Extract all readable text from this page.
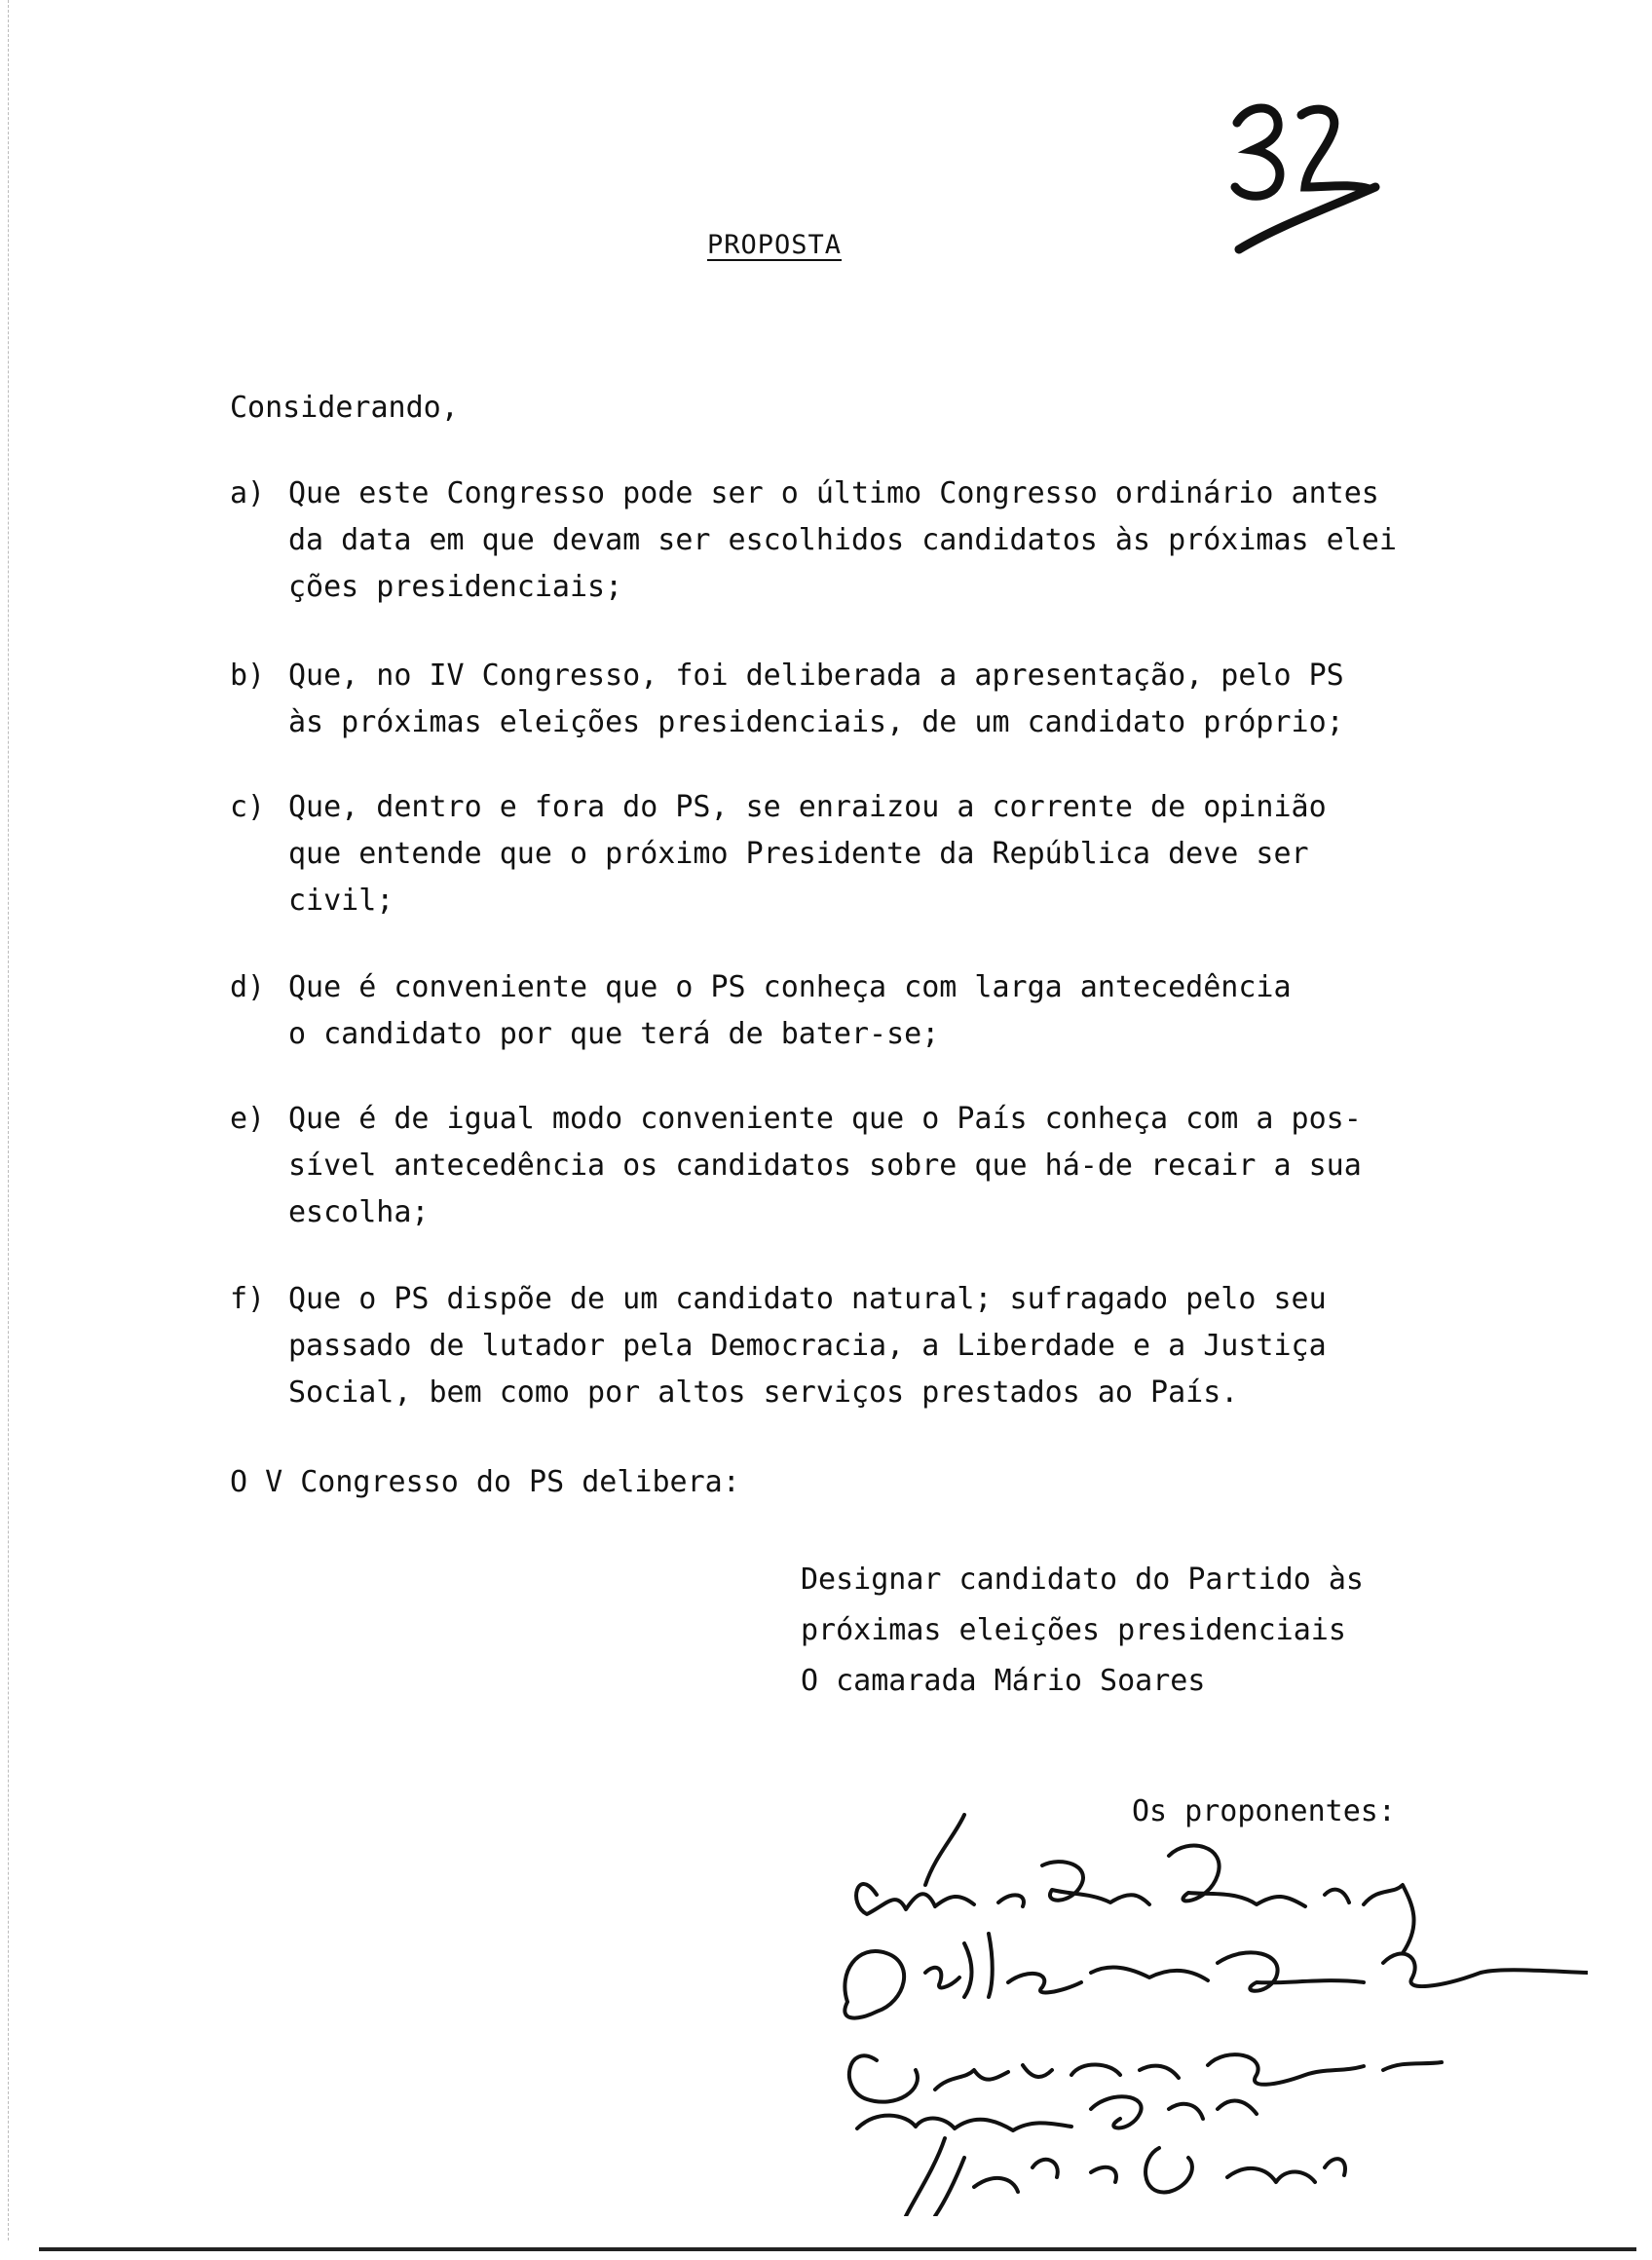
PROPOSTA
Considerando,
a) Que este Congresso pode ser o último Congresso ordinário antes
da data em que devam ser escolhidos candidatos às próximas elei
ções presidenciais;
b) Que, no IV Congresso, foi deliberada a apresentação, pelo PS
às próximas eleições presidenciais, de um candidato próprio;
c) Que, dentro e fora do PS, se enraizou a corrente de opinião
que entende que o próximo Presidente da República deve ser
civil;
d) Que é conveniente que o PS conheça com larga antecedência
o candidato por que terá de bater-se;
e) Que é de igual modo conveniente que o País conheça com a pos-
sível antecedência os candidatos sobre que há-de recair a sua
escolha;
f) Que o PS dispõe de um candidato natural; sufragado pelo seu
passado de lutador pela Democracia, a Liberdade e a Justiça
Social, bem como por altos serviços prestados ao País.
O V Congresso do PS delibera:
Designar candidato do Partido às
próximas eleições presidenciais
O camarada Mário Soares
Os proponentes:
